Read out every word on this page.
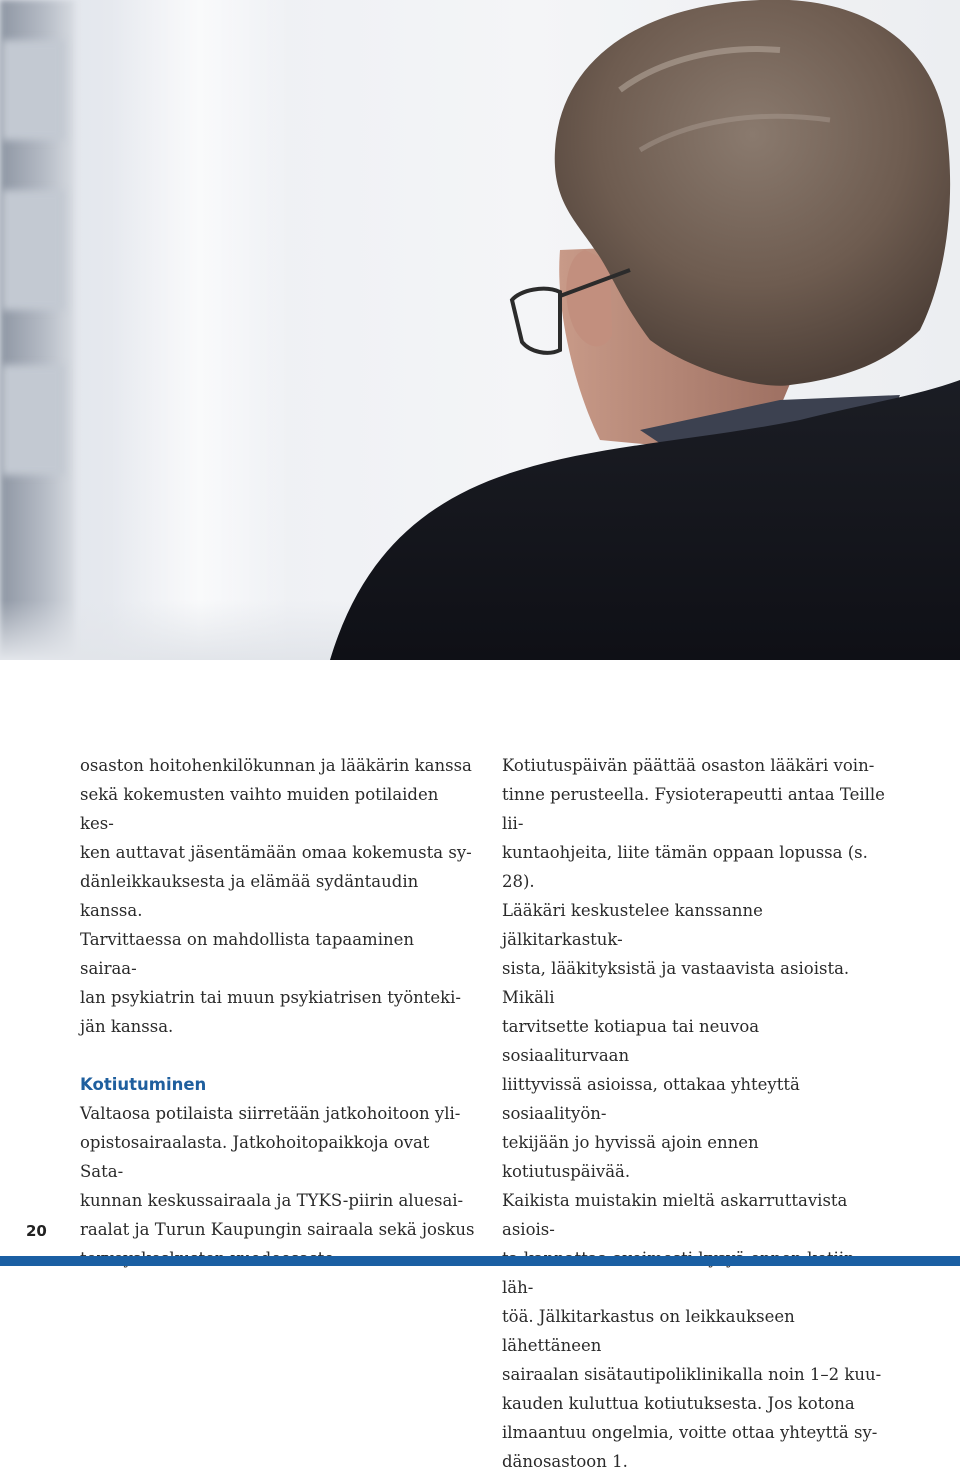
osaston hoitohenkilökunnan ja lääkärin kanssa
sekä kokemusten vaihto muiden potilaiden kes-
ken auttavat jäsentämään omaa kokemusta sy-
dänleikkauksesta ja elämää sydäntaudin kanssa.
Tarvittaessa on mahdollista tapaaminen sairaa-
lan psykiatrin tai muun psykiatrisen työnteki-
jän kanssa.

Kotiutuminen

Valtaosa potilaista siirretään jatkohoitoon yli-
opistosairaalasta. Jatkohoitopaikkoja ovat Sata-
kunnan keskussairaala ja TYKS-piirin aluesai-
raalat ja Turun Kaupungin sairaala sekä joskus

Kotiutuspäivän päättää osaston lääkäri voin-
tinne perusteella. Fysioterapeutti antaa Teille lii-
kuntaohjeita, liite tämän oppaan lopussa (s. 28).
Lääkäri keskustelee kanssanne jälkitarkastuk-
sista, lääkityksistä ja vastaavista asioista. Mikäli
tarvitsette kotiapua tai neuvoa sosiaaliturvaan
liittyvissä asioissa, ottakaa yhteyttä sosiaalityön-
tekijään jo hyvissä ajoin ennen kotiutuspäivää.
Kaikista muistakin mieltä askarruttavista asiois-
läh-
töä. Jälkitarkastus on leikkaukseen lähettäneen
sairaalan sisätautipoliklinikalla noin 1–2 kuu-
kauden kuluttua kotiutuksesta. Jos kotona
ilmaantuu ongelmia, voitte ottaa yhteyttä sy-
dänosastoon 1.

20
